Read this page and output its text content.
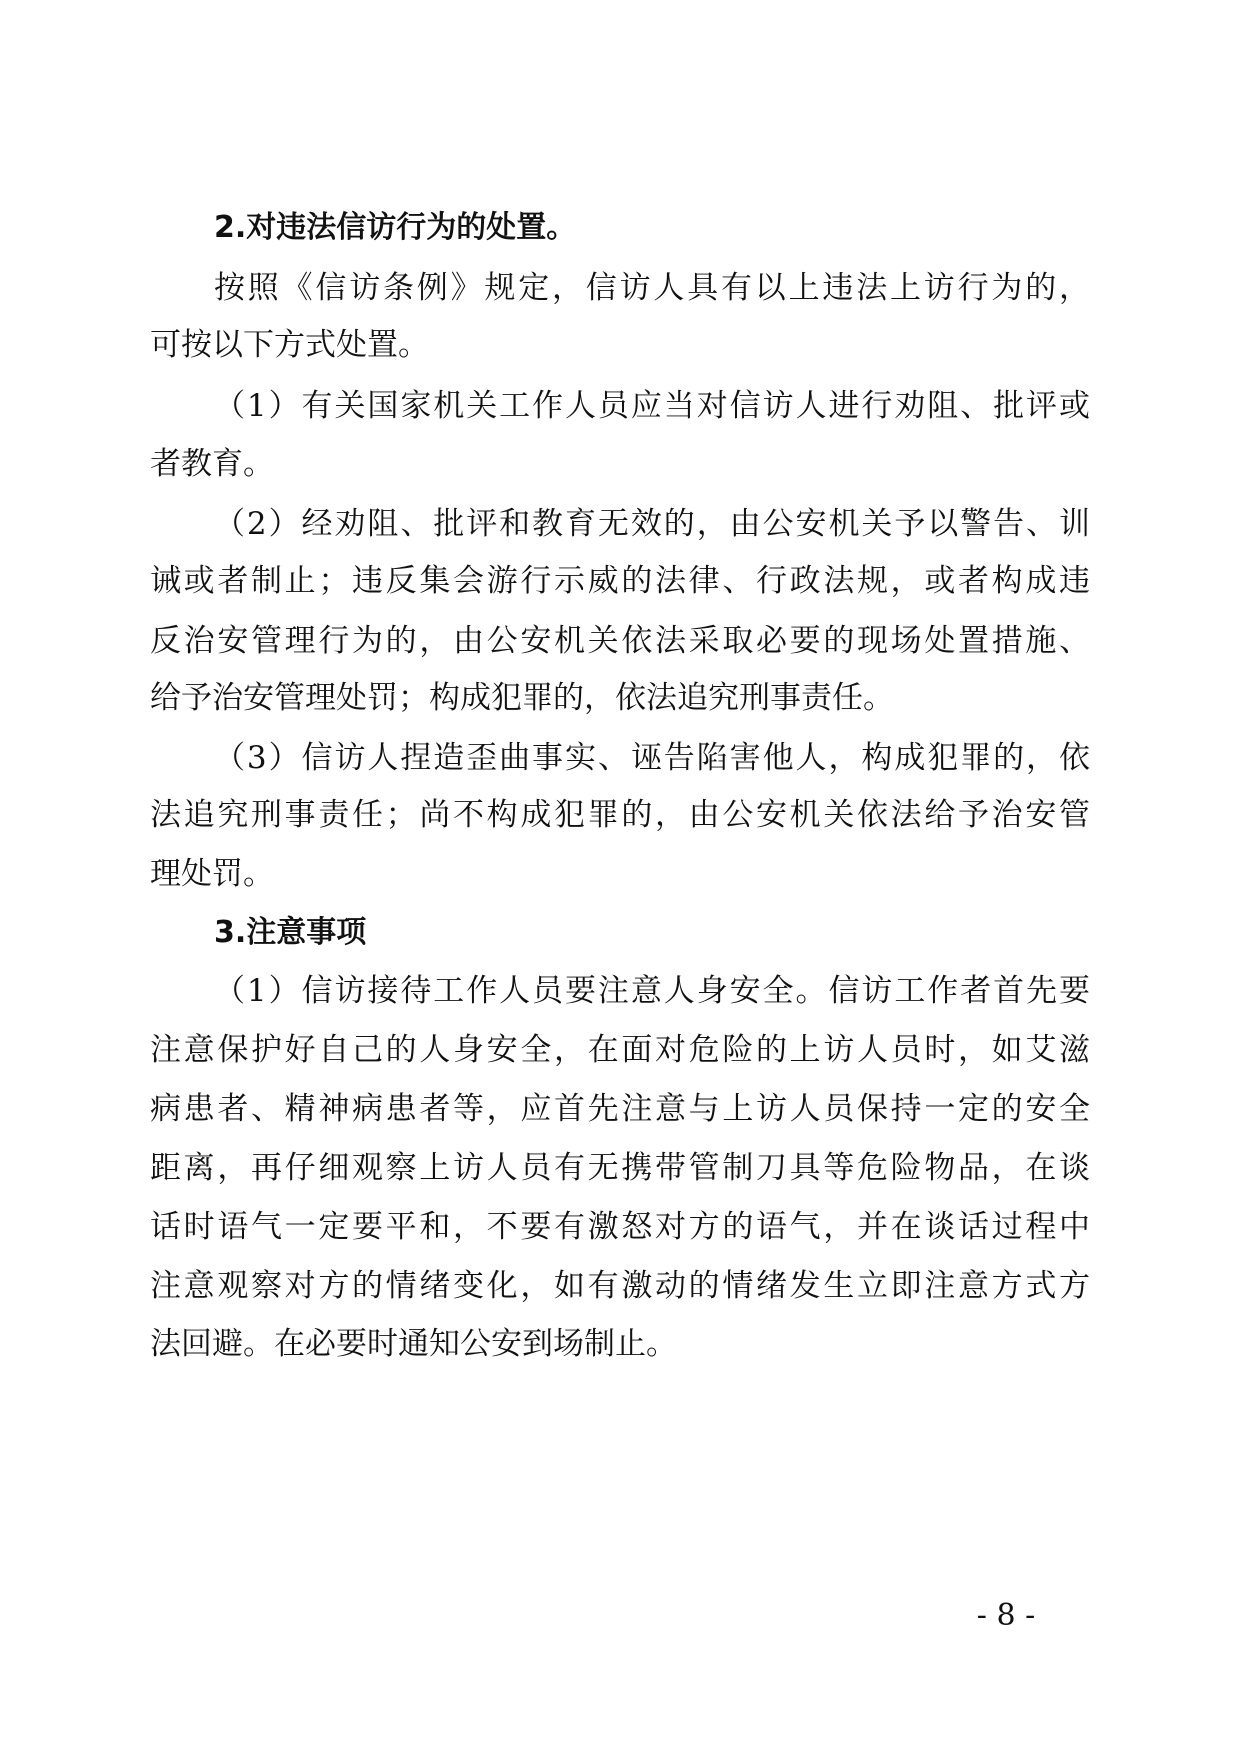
2.对违法信访行为的处置。
按照《信访条例》规定，信访人具有以上违法上访行为的，
可按以下方式处置。
（1）有关国家机关工作人员应当对信访人进行劝阻、批评或
者教育。
（2）经劝阻、批评和教育无效的，由公安机关予以警告、训
诫或者制止；违反集会游行示威的法律、行政法规，或者构成违
反治安管理行为的，由公安机关依法采取必要的现场处置措施、
给予治安管理处罚；构成犯罪的，依法追究刑事责任。
（3）信访人捏造歪曲事实、诬告陷害他人，构成犯罪的，依
法追究刑事责任；尚不构成犯罪的，由公安机关依法给予治安管
理处罚。
3.注意事项
（1）信访接待工作人员要注意人身安全。信访工作者首先要
注意保护好自己的人身安全，在面对危险的上访人员时，如艾滋
病患者、精神病患者等，应首先注意与上访人员保持一定的安全
距离，再仔细观察上访人员有无携带管制刀具等危险物品，在谈
话时语气一定要平和，不要有激怒对方的语气，并在谈话过程中
注意观察对方的情绪变化，如有激动的情绪发生立即注意方式方
法回避。在必要时通知公安到场制止。
- 8 -
